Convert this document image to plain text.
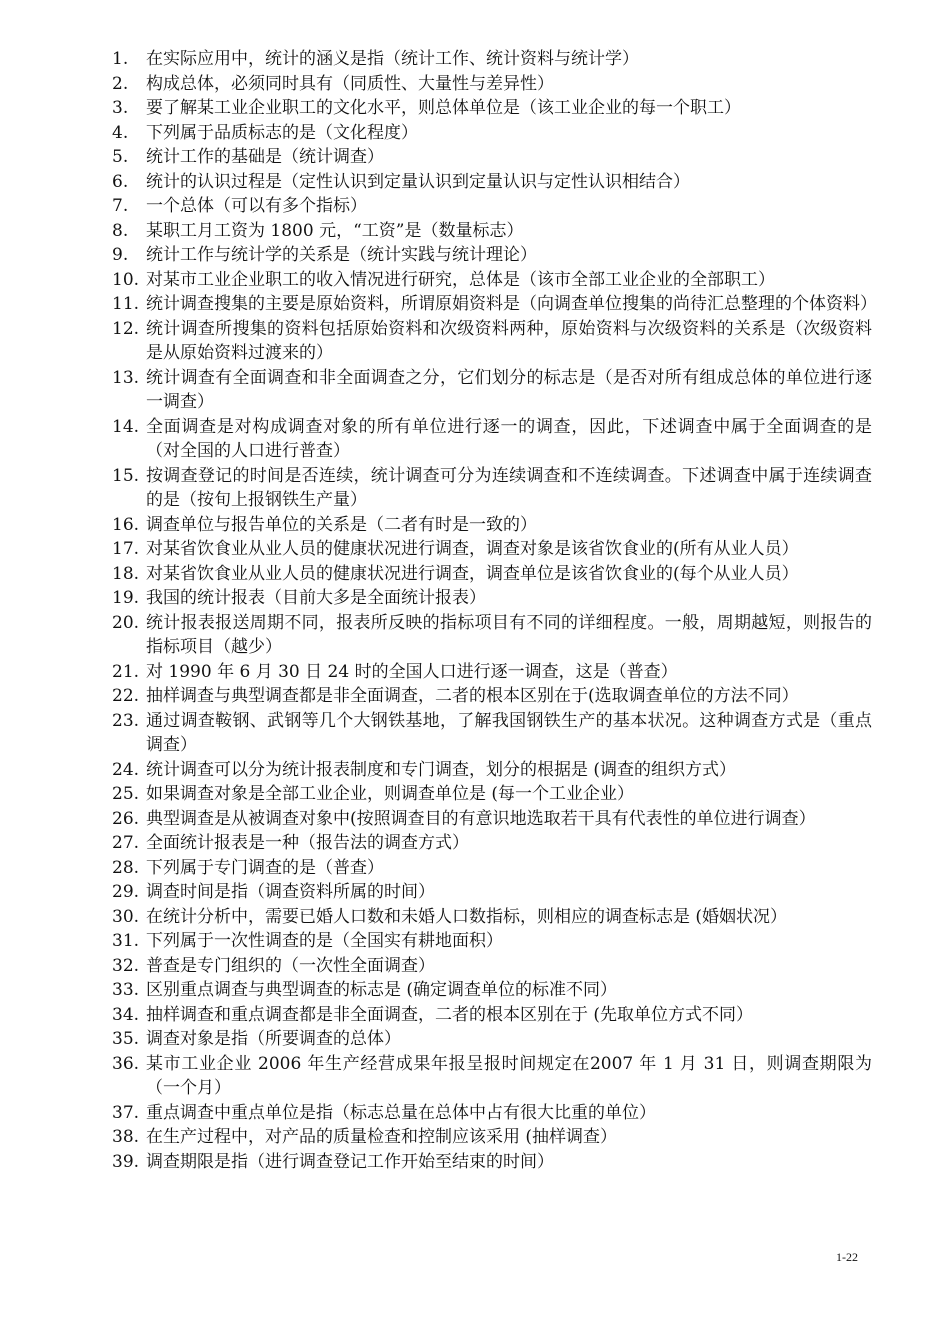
1.	在实际应用中，统计的涵义是指（统计工作、统计资料与统计学）
2.	构成总体，必须同时具有（同质性、大量性与差异性）
3.	要了解某工业企业职工的文化水平，则总体单位是（该工业企业的每一个职工）
4.	下列属于品质标志的是（文化程度）
5.	统计工作的基础是（统计调查）
6.	统计的认识过程是（定性认识到定量认识到定量认识与定性认识相结合）
7.	一个总体（可以有多个指标）
8.	某职工月工资为 1800 元，“工资”是（数量标志）
9.	统计工作与统计学的关系是（统计实践与统计理论）
10. 对某市工业企业职工的收入情况进行研究，总体是（该市全部工业企业的全部职工）
11. 统计调查搜集的主要是原始资料，所谓原娟资料是（向调查单位搜集的尚待汇总整理的个体资料）
12. 统计调查所搜集的资料包括原始资料和次级资料两种，原始资料与次级资料的关系是（次级资料是从原始资料过渡来的）
13. 统计调查有全面调查和非全面调查之分，它们划分的标志是（是否对所有组成总体的单位进行逐一调查）
14. 全面调查是对构成调查对象的所有单位进行逐一的调查，因此，下述调查中属于全面调查的是（对全国的人口进行普查）
15. 按调查登记的时间是否连续，统计调查可分为连续调查和不连续调查。下述调查中属于连续调查的是（按旬上报钢铁生产量）
16. 调查单位与报告单位的关系是（二者有时是一致的）
17. 对某省饮食业从业人员的健康状况进行调查，调查对象是该省饮食业的(所有从业人员）
18. 对某省饮食业从业人员的健康状况进行调查，调查单位是该省饮食业的(每个从业人员）
19. 我国的统计报表（目前大多是全面统计报表）
20. 统计报表报送周期不同，报表所反映的指标项目有不同的详细程度。一般，周期越短，则报告的指标项目（越少）
21. 对 1990 年 6 月 30 日 24 时的全国人口进行逐一调查，这是（普查）
22. 抽样调查与典型调查都是非全面调查，二者的根本区别在于(选取调查单位的方法不同）
23. 通过调查鞍钢、武钢等几个大钢铁基地，了解我国钢铁生产的基本状况。这种调查方式是（重点调查）
24. 统计调查可以分为统计报表制度和专门调查，划分的根据是 (调查的组织方式）
25. 如果调查对象是全部工业企业，则调查单位是 (每一个工业企业）
26. 典型调查是从被调查对象中(按照调查目的有意识地选取若干具有代表性的单位进行调查）
27. 全面统计报表是一种（报告法的调查方式）
28. 下列属于专门调查的是（普查）
29. 调查时间是指（调查资料所属的时间）
30. 在统计分析中，需要已婚人口数和未婚人口数指标，则相应的调查标志是 (婚姻状况）
31. 下列属于一次性调查的是（全国实有耕地面积）
32. 普查是专门组织的（一次性全面调查）
33. 区别重点调查与典型调查的标志是 (确定调查单位的标准不同）
34. 抽样调查和重点调查都是非全面调查，二者的根本区别在于 (先取单位方式不同）
35. 调查对象是指（所要调查的总体）
36. 某市工业企业 2006 年生产经营成果年报呈报时间规定在2007 年 1 月 31 日，则调查期限为（一个月）
37. 重点调查中重点单位是指（标志总量在总体中占有很大比重的单位）
38. 在生产过程中，对产品的质量检查和控制应该采用 (抽样调查）
39. 调查期限是指（进行调查登记工作开始至结束的时间）
1-22
